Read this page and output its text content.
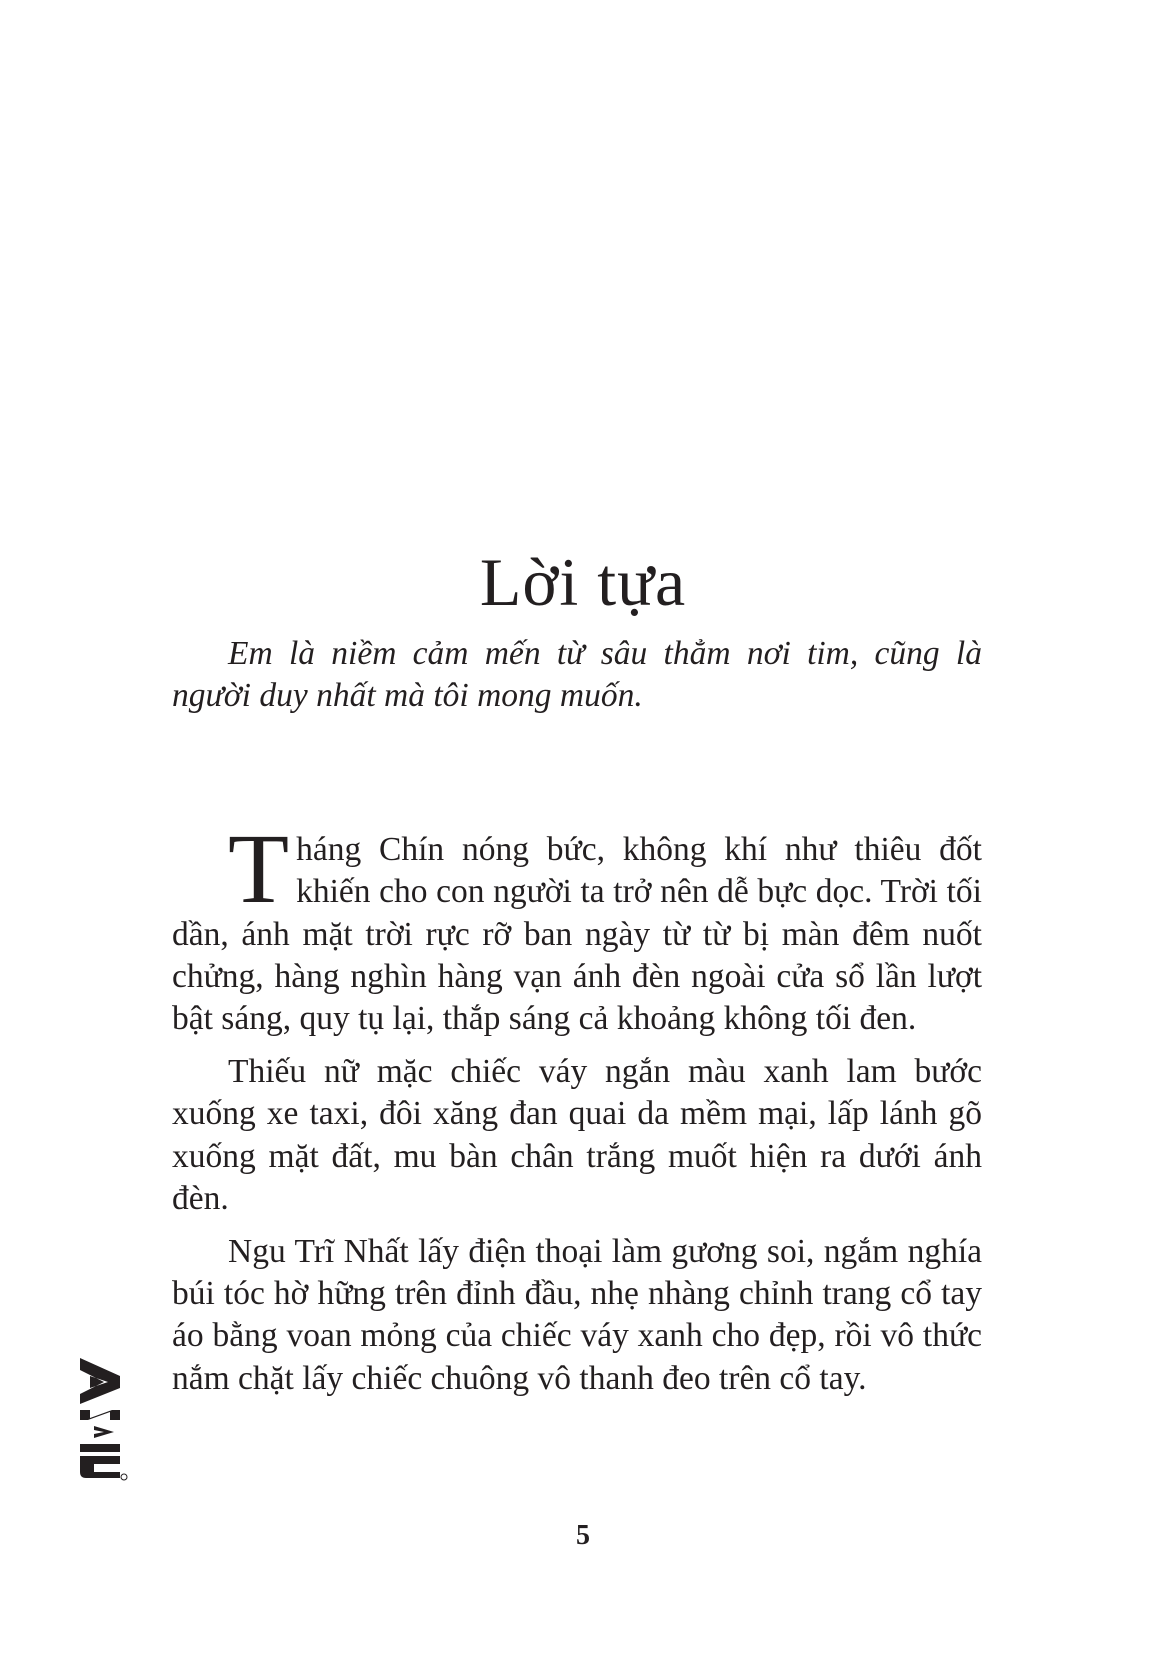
Lời tựa

Em là niềm cảm mến từ sâu thẳm nơi tim, cũng là người duy nhất mà tôi mong muốn.

Tháng Chín nóng bức, không khí như thiêu đốt khiến cho con người ta trở nên dễ bực dọc. Trời tối dần, ánh mặt trời rực rỡ ban ngày từ từ bị màn đêm nuốt chửng, hàng nghìn hàng vạn ánh đèn ngoài cửa sổ lần lượt bật sáng, quy tụ lại, thắp sáng cả khoảng không tối đen.

Thiếu nữ mặc chiếc váy ngắn màu xanh lam bước xuống xe taxi, đôi xăng đan quai da mềm mại, lấp lánh gõ xuống mặt đất, mu bàn chân trắng muốt hiện ra dưới ánh đèn.

Ngu Trĩ Nhất lấy điện thoại làm gương soi, ngắm nghía búi tóc hờ hững trên đỉnh đầu, nhẹ nhàng chỉnh trang cổ tay áo bằng voan mỏng của chiếc váy xanh cho đẹp, rồi vô thức nắm chặt lấy chiếc chuông vô thanh đeo trên cổ tay.

5
